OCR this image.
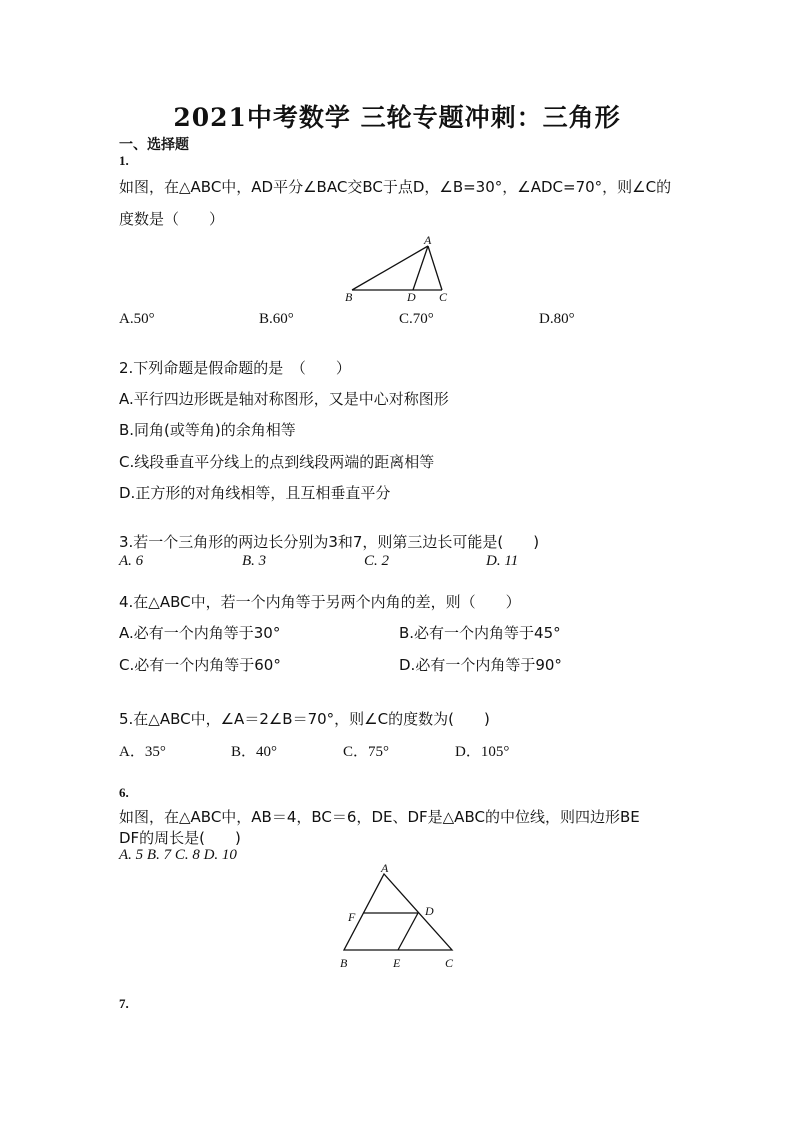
2021中考数学 三轮专题冲刺：三角形
一、选择题
1.
如图，在△ABC中，AD平分∠BAC交BC于点D，∠B=30°，∠ADC=70°，则∠C的
度数是（　　）
A
B	D C
A.50°	B.60°	C.70°	D.80°
2.下列命题是假命题的是　（　　）
A.平行四边形既是轴对称图形，又是中心对称图形
B.同角(或等角)的余角相等
C.线段垂直平分线上的点到线段两端的距离相等
D.正方形的对角线相等，且互相垂直平分
3.若一个三角形的两边长分别为3和7，则第三边长可能是(　　)
A. 6	B. 3	C. 2	D. 11
4.在△ABC中，若一个内角等于另两个内角的差，则（　　）
A.必有一个内角等于30°	B.必有一个内角等于45°
C.必有一个内角等于60°	D.必有一个内角等于90°
5.在△ABC中，∠A＝2∠B＝70°，则∠C的度数为(　　)
A．35°	B．40°	C．75°	D．105°
6.
如图，在△ABC中，AB＝4，BC＝6，DE、DF是△ABC的中位线，则四边形BE
DF的周长是(　　)
A. 5 B. 7 C. 8 D. 10
A
F	D
B	E	C
7.
